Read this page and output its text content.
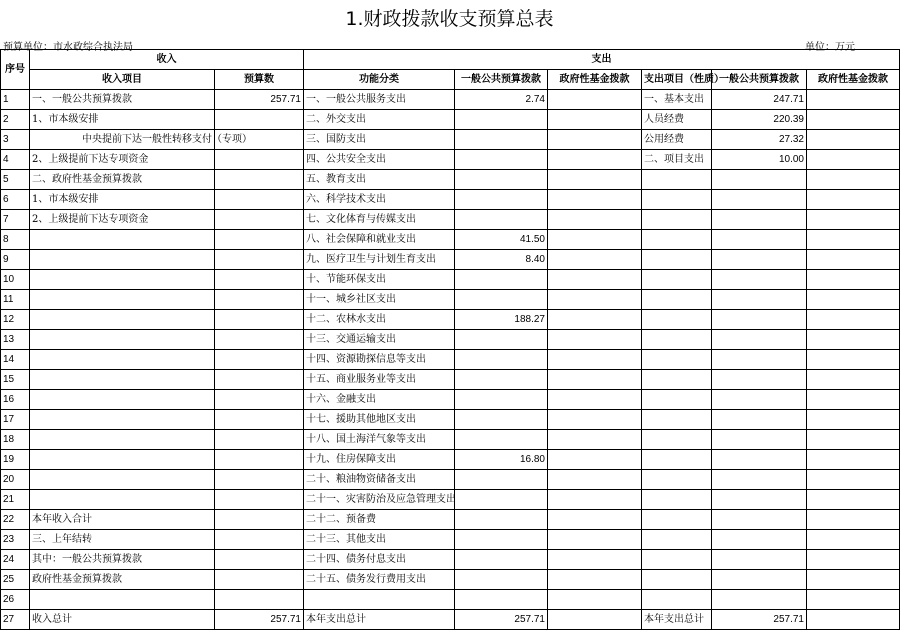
1.财政拨款收支预算总表
预算单位：市水政综合执法局	单位：万元
序号	收入		支出					
	收入项目	预算数	功能分类	一般公共预算拨款	政府性基金拨款	支出项目（性质）	一般公共预算拨款	政府性基金拨款
1	一、一般公共预算拨款	257.71	一、一般公共服务支出	2.74		一、基本支出	247.71	
2	1、市本级安排		二、外交支出			人员经费	220.39	
3	中央提前下达一般性转移支付（专项）		三、国防支出			公用经费	27.32	
4	2、上级提前下达专项资金		四、公共安全支出			二、项目支出	10.00	
5	二、政府性基金预算拨款		五、教育支出					
6	1、市本级安排		六、科学技术支出					
7	2、上级提前下达专项资金		七、文化体育与传媒支出					
8			八、社会保障和就业支出	41.50				
9			九、医疗卫生与计划生育支出	8.40				
10			十、节能环保支出					
11			十一、城乡社区支出					
12			十二、农林水支出	188.27				
13			十三、交通运输支出					
14			十四、资源勘探信息等支出					
15			十五、商业服务业等支出					
16			十六、金融支出					
17			十七、援助其他地区支出					
18			十八、国土海洋气象等支出					
19			十九、住房保障支出	16.80				
20			二十、粮油物资储备支出					
21			二十一、灾害防治及应急管理支出					
22	本年收入合计		二十二、预备费					
23	三、上年结转		二十三、其他支出					
24	其中：一般公共预算拨款		二十四、债务付息支出					
25	政府性基金预算拨款		二十五、债务发行费用支出					
26								
27	收入总计	257.71	本年支出总计	257.71		本年支出总计	257.71	
